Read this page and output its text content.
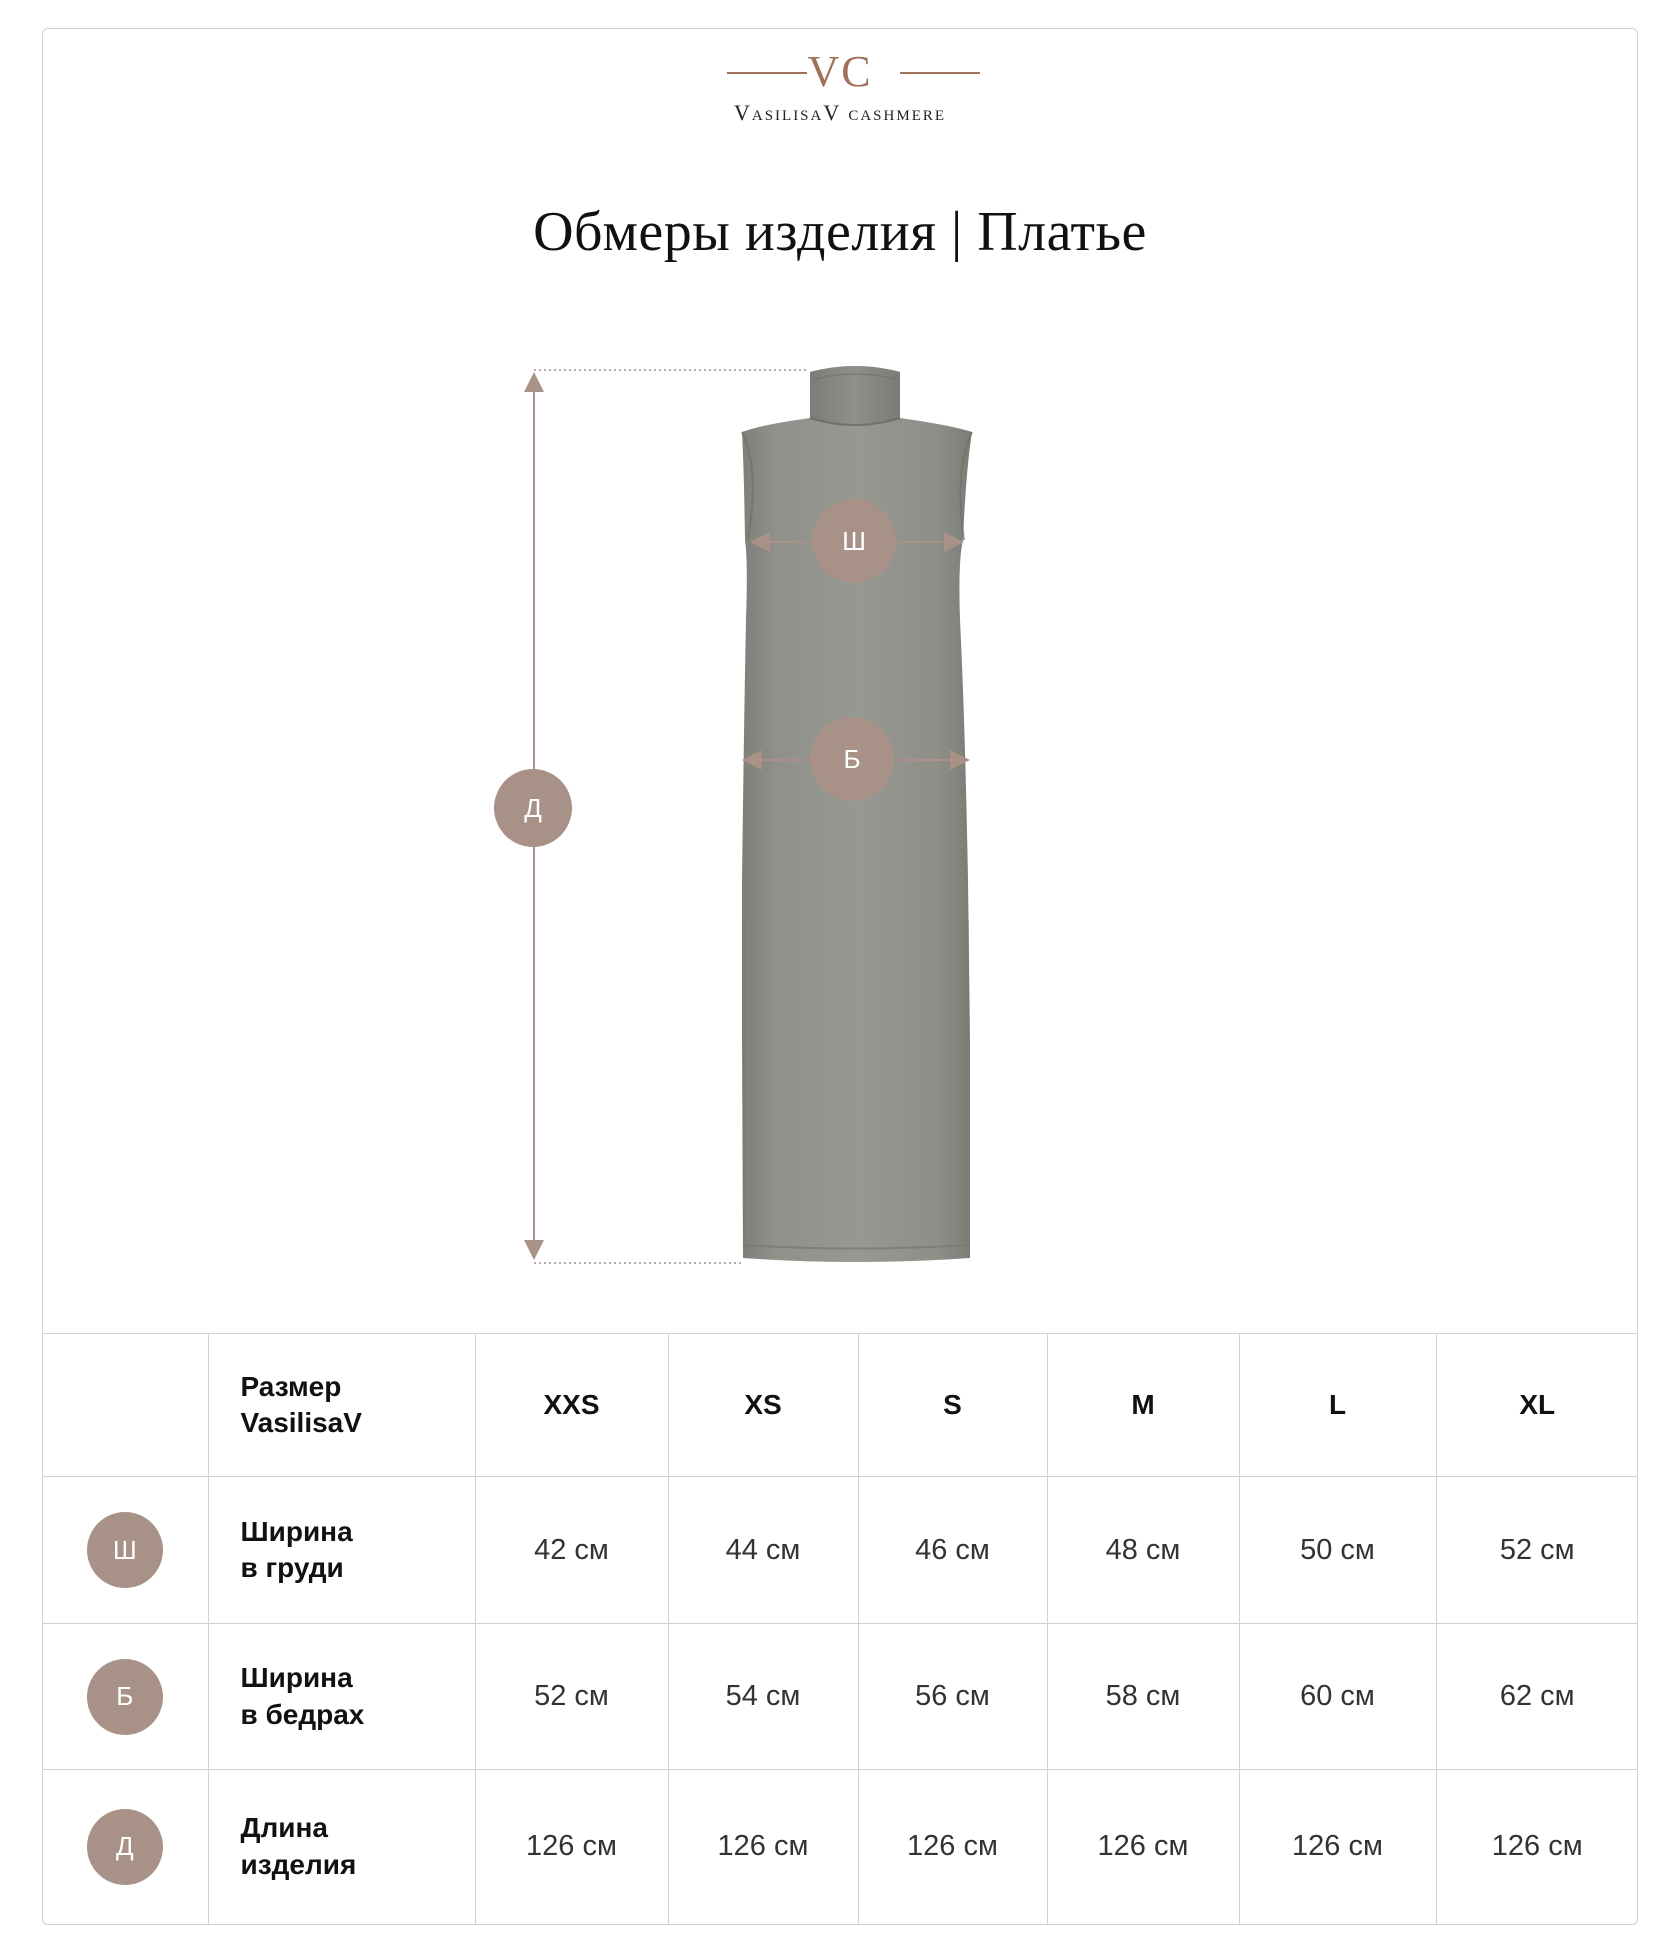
VC
VasilisaV cashmere
Обмеры изделия | Платье
Ш
Б
Д
	Размер
VasilisaV	XXS	XS	S	M	L	XL

Ш	Ширина
в груди	42 см	44 см	46 см	48 см	50 см	52 см

Б	Ширина
в бедрах	52 см	54 см	56 см	58 см	60 см	62 см

Д	Длина
изделия	126 см	126 см	126 см	126 см	126 см	126 см
